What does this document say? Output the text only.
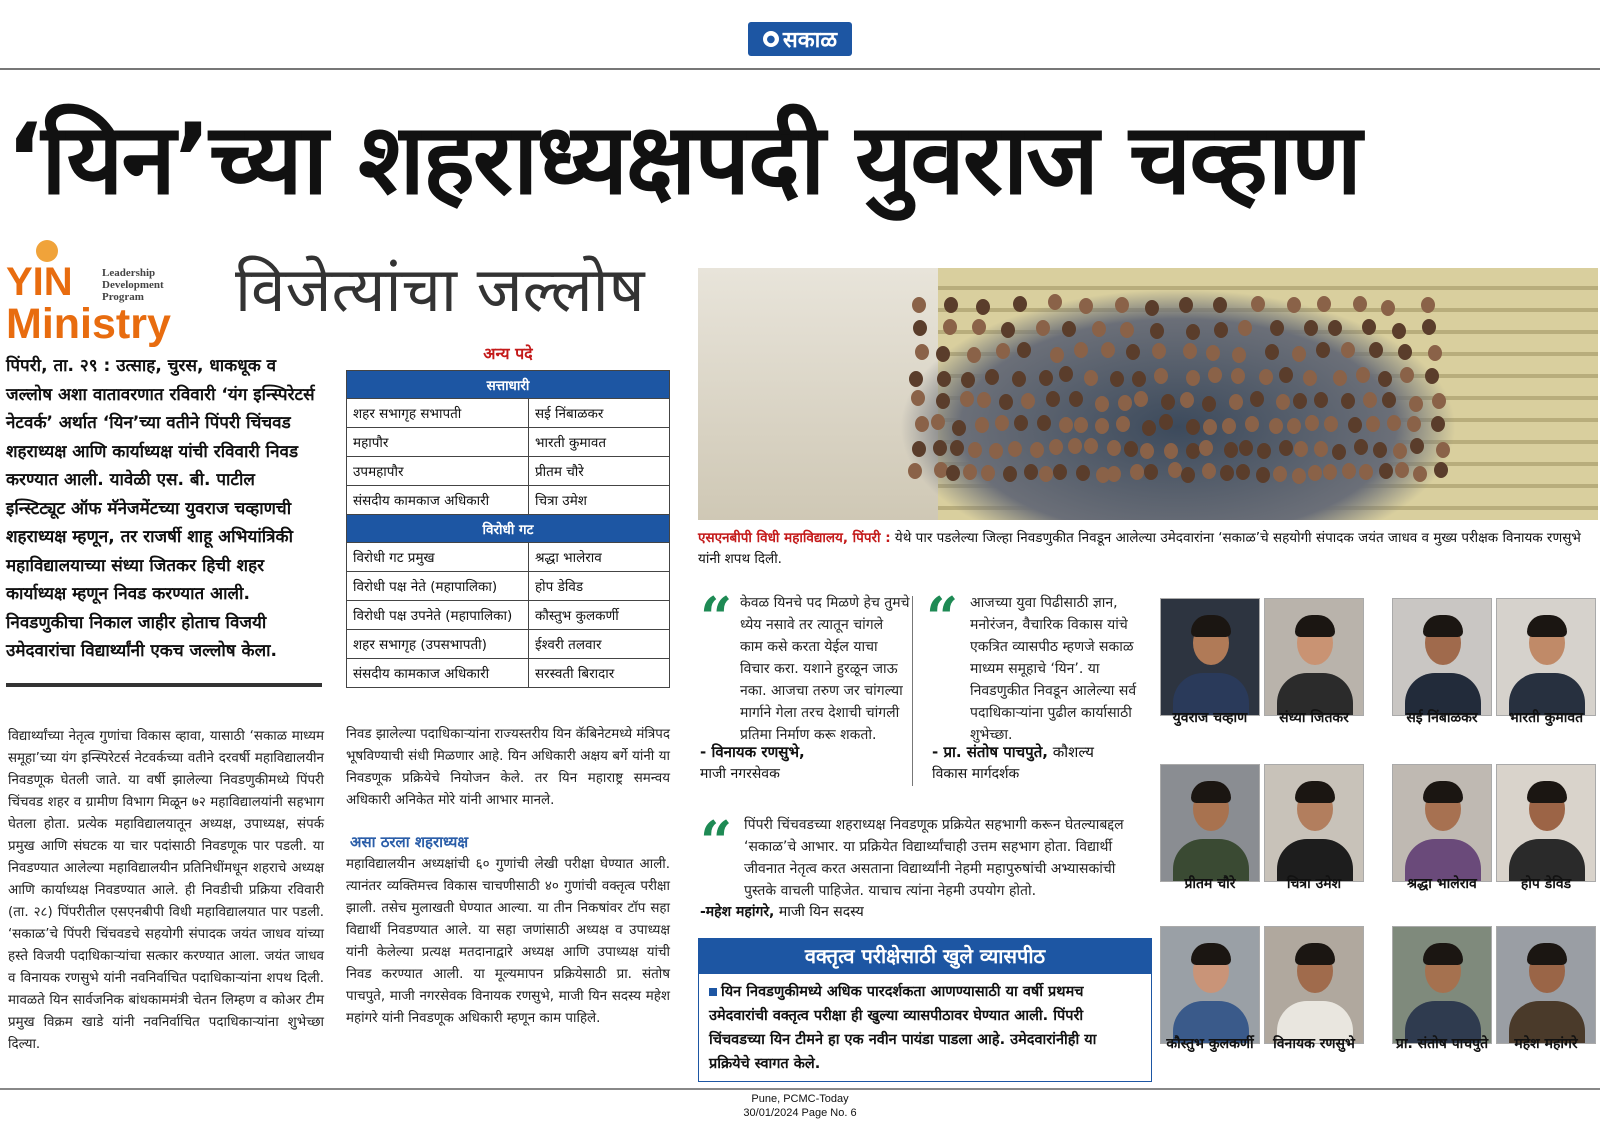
● सकाळ
‘यिन’च्या शहराध्यक्षपदी युवराज चव्हाण
YIN	Leadership Development Program
Ministry विजेत्यांचा जल्लोष
पिंपरी, ता. २९ : उत्साह, चुरस, धाकधूक व जल्लोष अशा वातावरणात रविवारी ‘यंग इन्स्पिरेटर्स नेटवर्क’ अर्थात ‘यिन’च्या वतीने पिंपरी चिंचवड शहराध्यक्ष आणि कार्याध्यक्ष यांची रविवारी निवड करण्यात आली. यावेळी एस. बी. पाटील इन्स्टिट्यूट ऑफ मॅनेजमेंटच्या युवराज चव्हाणची शहराध्यक्ष म्हणून, तर राजर्षी शाहू अभियांत्रिकी महाविद्यालयाच्या संध्या जितकर हिची शहर कार्याध्यक्ष म्हणून निवड करण्यात आली. निवडणुकीचा निकाल जाहीर होताच विजयी उमेदवारांचा विद्यार्थ्यांनी एकच जल्लोष केला.
अन्य पदे
सत्ताधारी	
शहर सभागृह सभापती	सई निंबाळकर
महापौर	भारती कुमावत
उपमहापौर	प्रीतम चौरे
संसदीय कामकाज अधिकारी	चित्रा उमेश
विरोधी गट	
विरोधी गट प्रमुख	श्रद्धा भालेराव
विरोधी पक्ष नेते (महापालिका)	होप डेविड
विरोधी पक्ष उपनेते (महापालिका)	कौस्तुभ कुलकर्णी
शहर सभागृह (उपसभापती)	ईश्वरी तलवार
संसदीय कामकाज अधिकारी	सरस्वती बिरादार
विद्यार्थ्यांच्या नेतृत्व गुणांचा विकास व्हावा, यासाठी ‘सकाळ माध्यम समूहा’च्या यंग इन्स्पिरेटर्स नेटवर्कच्या वतीने दरवर्षी महाविद्यालयीन निवडणूक घेतली जाते. या वर्षी झालेल्या निवडणुकीमध्ये पिंपरी चिंचवड शहर व ग्रामीण विभाग मिळून ७२ महाविद्यालयांनी सहभाग घेतला होता. प्रत्येक महाविद्यालयातून अध्यक्ष, उपाध्यक्ष, संपर्क प्रमुख आणि संघटक या चार पदांसाठी निवडणूक पार पडली. या निवडण्यात आलेल्या महाविद्यालयीन प्रतिनिधींमधून शहराचे अध्यक्ष आणि कार्याध्यक्ष निवडण्यात आले. ही निवडीची प्रक्रिया रविवारी (ता. २८) पिंपरीतील एसएनबीपी विधी महाविद्यालयात पार पडली. ‘सकाळ’चे पिंपरी चिंचवडचे सहयोगी संपादक जयंत जाधव यांच्या हस्ते विजयी पदाधिकाऱ्यांचा सत्कार करण्यात आला. जयंत जाधव व विनायक रणसुभे यांनी नवनिर्वाचित पदाधिकाऱ्यांना शपथ दिली. मावळते यिन सार्वजनिक बांधकाममंत्री चेतन लिम्हण व कोअर टीम प्रमुख विक्रम खाडे यांनी नवनिर्वाचित पदाधिकाऱ्यांना शुभेच्छा दिल्या.
निवड झालेल्या पदाधिकाऱ्यांना राज्यस्तरीय यिन कॅबिनेटमध्ये मंत्रिपद भूषविण्याची संधी मिळणार आहे. यिन अधिकारी अक्षय बर्गे यांनी या निवडणूक प्रक्रियेचे नियोजन केले. तर यिन महाराष्ट्र समन्वय अधिकारी अनिकेत मोरे यांनी आभार मानले.
असा ठरला शहराध्यक्ष
महाविद्यालयीन अध्यक्षांची ६० गुणांची लेखी परीक्षा घेण्यात आली. त्यानंतर व्यक्तिमत्त्व विकास चाचणीसाठी ४० गुणांची वक्तृत्व परीक्षा झाली. तसेच मुलाखती घेण्यात आल्या. या तीन निकषांवर टॉप सहा विद्यार्थी निवडण्यात आले. या सहा जणांसाठी अध्यक्ष व उपाध्यक्ष यांनी केलेल्या प्रत्यक्ष मतदानाद्वारे अध्यक्ष आणि उपाध्यक्ष यांची निवड करण्यात आली. या मूल्यमापन प्रक्रियेसाठी प्रा. संतोष पाचपुते, माजी नगरसेवक विनायक रणसुभे, माजी यिन सदस्य महेश महांगरे यांनी निवडणूक अधिकारी म्हणून काम पाहिले.
एसएनबीपी विधी महाविद्यालय, पिंपरी : येथे पार पडलेल्या जिल्हा निवडणुकीत निवडून आलेल्या उमेदवारांना ‘सकाळ’चे सहयोगी संपादक जयंत जाधव व मुख्य परीक्षक विनायक रणसुभे यांनी शपथ दिली.
“ केवळ यिनचे पद मिळणे हेच तुमचे ध्येय नसावे तर त्यातून चांगले काम कसे करता येईल याचा विचार करा. यशाने हुरळून जाऊ नका. आजचा तरुण जर चांगल्या मार्गाने गेला तरच देशाची चांगली प्रतिमा निर्माण करू शकतो.
- विनायक रणसुभे,
माजी नगरसेवक
“ आजच्या युवा पिढीसाठी ज्ञान, मनोरंजन, वैचारिक विकास यांचे एकत्रित व्यासपीठ म्हणजे सकाळ माध्यम समूहाचे ‘यिन’. या निवडणुकीत निवडून आलेल्या सर्व पदाधिकाऱ्यांना पुढील कार्यासाठी शुभेच्छा.
- प्रा. संतोष पाचपुते, कौशल्य
विकास मार्गदर्शक
“ पिंपरी चिंचवडच्या शहराध्यक्ष निवडणूक प्रक्रियेत सहभागी करून घेतल्याबद्दल ‘सकाळ’चे आभार. या प्रक्रियेत विद्यार्थ्यांचाही उत्तम सहभाग होता. विद्यार्थी जीवनात नेतृत्व करत असताना विद्यार्थ्यांनी नेहमी महापुरुषांची अभ्यासकांची पुस्तके वाचली पाहिजेत. याचाच त्यांना नेहमी उपयोग होतो.
-महेश महांगरे, माजी यिन सदस्य
वक्तृत्व परीक्षेसाठी खुले व्यासपीठ
यिन निवडणुकीमध्ये अधिक पारदर्शकता आणण्यासाठी या वर्षी प्रथमच उमेदवारांची वक्तृत्व परीक्षा ही खुल्या व्यासपीठावर घेण्यात आली. पिंपरी चिंचवडच्या यिन टीमने हा एक नवीन पायंडा पाडला आहे. उमेदवारांनीही या प्रक्रियेचे स्वागत केले.
युवराज चव्हाण	संध्या जितकर	सई निंबाळकर	भारती कुमावत
प्रीतम चौरे	चित्रा उमेश	श्रद्धा भालेराव	होप डेविड
कौस्तुभ कुलकर्णी	विनायक रणसुभे	प्रा. संतोष पाचपुते	महेश महांगरे
Pune, PCMC-Today
30/01/2024 Page No. 6
